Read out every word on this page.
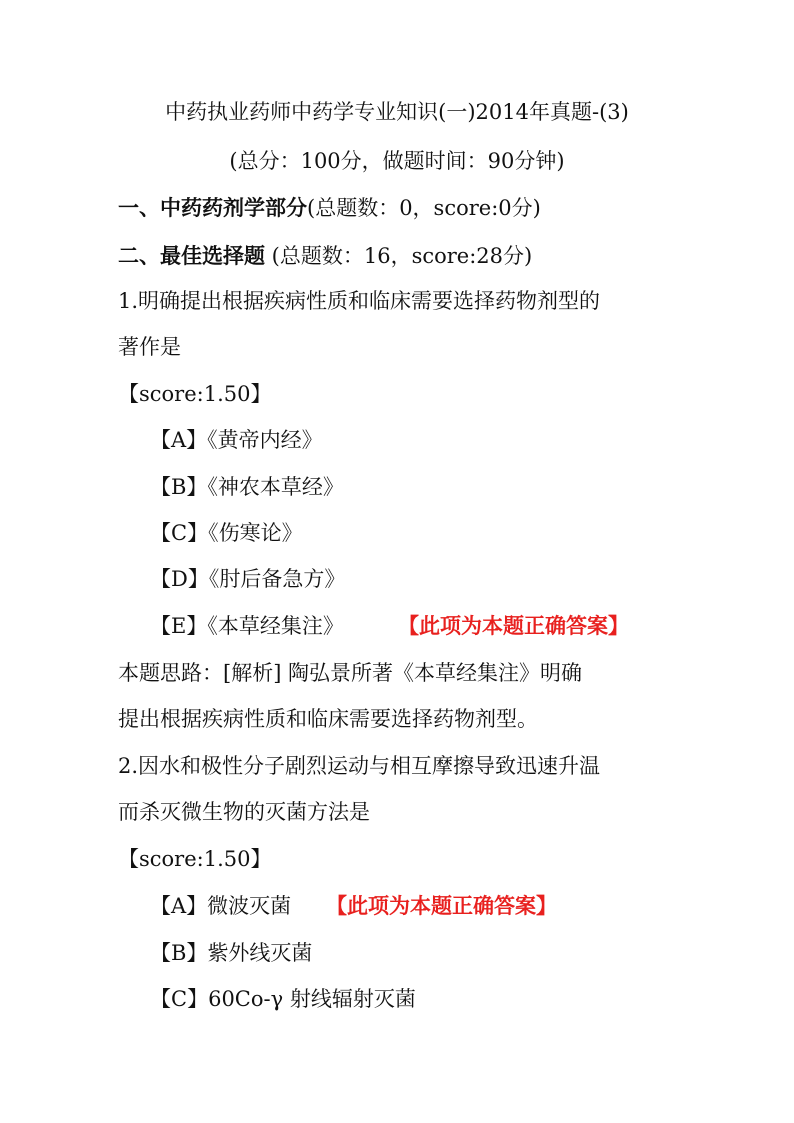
中药执业药师中药学专业知识(一)2014年真题-(3)
(总分：100分，做题时间：90分钟)
一、中药药剂学部分(总题数：0，score:0分)
二、最佳选择题 (总题数：16，score:28分)
1.明确提出根据疾病性质和临床需要选择药物剂型的
著作是
【score:1.50】
【A】《黄帝内经》
【B】《神农本草经》
【C】《伤寒论》
【D】《肘后备急方》
【E】《本草经集注》	【此项为本题正确答案】
本题思路：[解析] 陶弘景所著《本草经集注》明确
提出根据疾病性质和临床需要选择药物剂型。
2.因水和极性分子剧烈运动与相互摩擦导致迅速升温
而杀灭微生物的灭菌方法是
【score:1.50】
【A】微波灭菌 【此项为本题正确答案】
【B】紫外线灭菌
【C】60Co-γ 射线辐射灭菌
